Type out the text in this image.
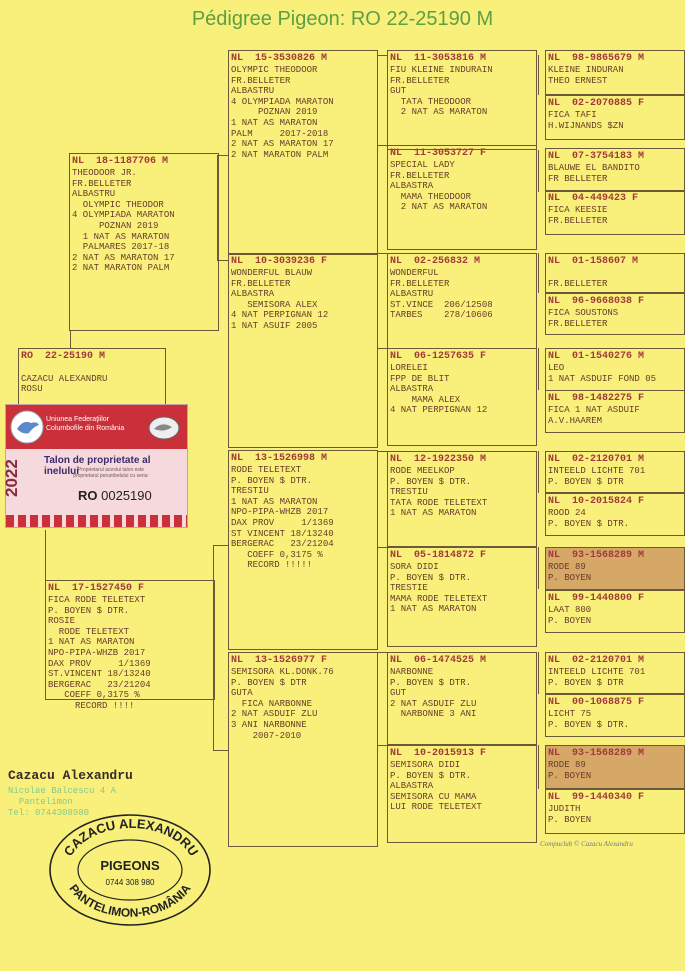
Pédigree Pigeon: RO 22-25190 M
RO  22-25190 M

CAZACU ALEXANDRU
ROSU
NL  18-1187706 M
THEODOOR JR.
FR.BELLETER
ALBASTRU
OLYMPIC THEODOR
4 OLYMPIADA MARATON
POZNAN 2019
1 NAT AS MARATON
PALMARES 2017-18
2 NAT AS MARATON 17
2 NAT MARATON PALM
NL  17-1527450 F
FICA RODE TELETEXT
P. BOYEN $ DTR.
ROSIE
RODE TELETEXT
1 NAT AS MARATON
NPO-PIPA-WHZB 2017
DAX PROV     1/1369
ST.VINCENT 18/13240
BERGERAC   23/21204
COEFF 0,3175 %
RECORD !!!!
NL  15-3530826 M
OLYMPIC THEODOOR
FR.BELLETER
ALBASTRU
4 OLYMPIADA MARATON
POZNAN 2019
1 NAT AS MARATON
PALM     2017-2018
2 NAT AS MARATON 17
2 NAT MARATON PALM
NL  10-3039236 F
WONDERFUL BLAUW
FR.BELLETER
ALBASTRA
SEMISORA ALEX
4 NAT PERPIGNAN 12
1 NAT ASUIF 2005
NL  13-1526998 M
RODE TELETEXT
P. BOYEN $ DTR.
TRESTIU
1 NAT AS MARATON
NPO-PIPA-WHZB 2017
DAX PROV     1/1369
ST VINCENT 18/13240
BERGERAC   23/21204
COEFF 0,3175 %
RECORD !!!!!
NL  13-1526977 F
SEMISORA KL.DONK.76
P. BOYEN $ DTR
GUTA
FICA NARBONNE
2 NAT ASDUIF ZLU
3 ANI NARBONNE
2007-2010
NL  11-3053816 M
FIU KLEINE INDURAIN
FR.BELLETER
GUT
TATA THEODOOR
2 NAT AS MARATON
NL  11-3053727 F
SPECIAL LADY
FR.BELLETER
ALBASTRA
MAMA THEODOOR
2 NAT AS MARATON
NL  02-256832 M
WONDERFUL
FR.BELLETER
ALBASTRU
ST.VINCE  206/12508
TARBES    278/10606
NL  06-1257635 F
LORELEI
FPP DE BLIT
ALBASTRA
MAMA ALEX
4 NAT PERPIGNAN 12
NL  12-1922350 M
RODE MEELKOP
P. BOYEN $ DTR.
TRESTIU
TATA RODE TELETEXT
1 NAT AS MARATON
NL  05-1814872 F
SORA DIDI
P. BOYEN $ DTR.
TRESTIE
MAMA RODE TELETEXT
1 NAT AS MARATON
NL  06-1474525 M
NARBONNE
P. BOYEN $ DTR.
GUT
2 NAT ASDUIF ZLU
NARBONNE 3 ANI
NL  10-2015913 F
SEMISORA DIDI
P. BOYEN $ DTR.
ALBASTRA
SEMISORA CU MAMA
LUI RODE TELETEXT
NL  98-9865679 M
KLEINE INDURAN
THEO ERNEST
NL  02-2070885 F
FICA TAFI
H.WIJNANDS $ZN
NL  07-3754183 M
BLAUWE EL BANDITO
FR BELLETER
NL  04-449423 F
FICA KEESIE
FR.BELLETER
NL  01-158607 M

FR.BELLETER
NL  96-9668038 F
FICA SOUSTONS
FR.BELLETER
NL  01-1540276 M
LEO
1 NAT ASDUIF FOND 05
NL  98-1482275 F
FICA 1 NAT ASDUIF
A.V.HAAREM
NL  02-2120701 M
INTEELD LICHTE 701
P. BOYEN $ DTR
NL  10-2015824 F
ROOD 24
P. BOYEN $ DTR.
NL  93-1568289 M
RODE 89
P. BOYEN
NL  99-1440800 F
LAAT 800
P. BOYEN
NL  02-2120701 M
INTEELD LICHTE 701
P. BOYEN $ DTR
NL  00-1068875 F
LICHT 75
P. BOYEN $ DTR.
NL  93-1568289 M
RODE 89
P. BOYEN
NL  99-1440340 F
JUDITH
P. BOYEN
Uniunea Federaţiilor
Columbofile din România
Talon de proprietate al inelului
Proprietarul acestui talon este
proprietarul porumbelului cu seria:
2022	RO 0025190
Cazacu Alexandru
Nicolae Balcescu 4 A
Pantelimon
Tel: 0744308980
Compuclub © Cazacu Alexandru
CAZACU ALEXANDRU
PIGEONS
0744 308 980
PANTELIMON-ROMÂNIA
